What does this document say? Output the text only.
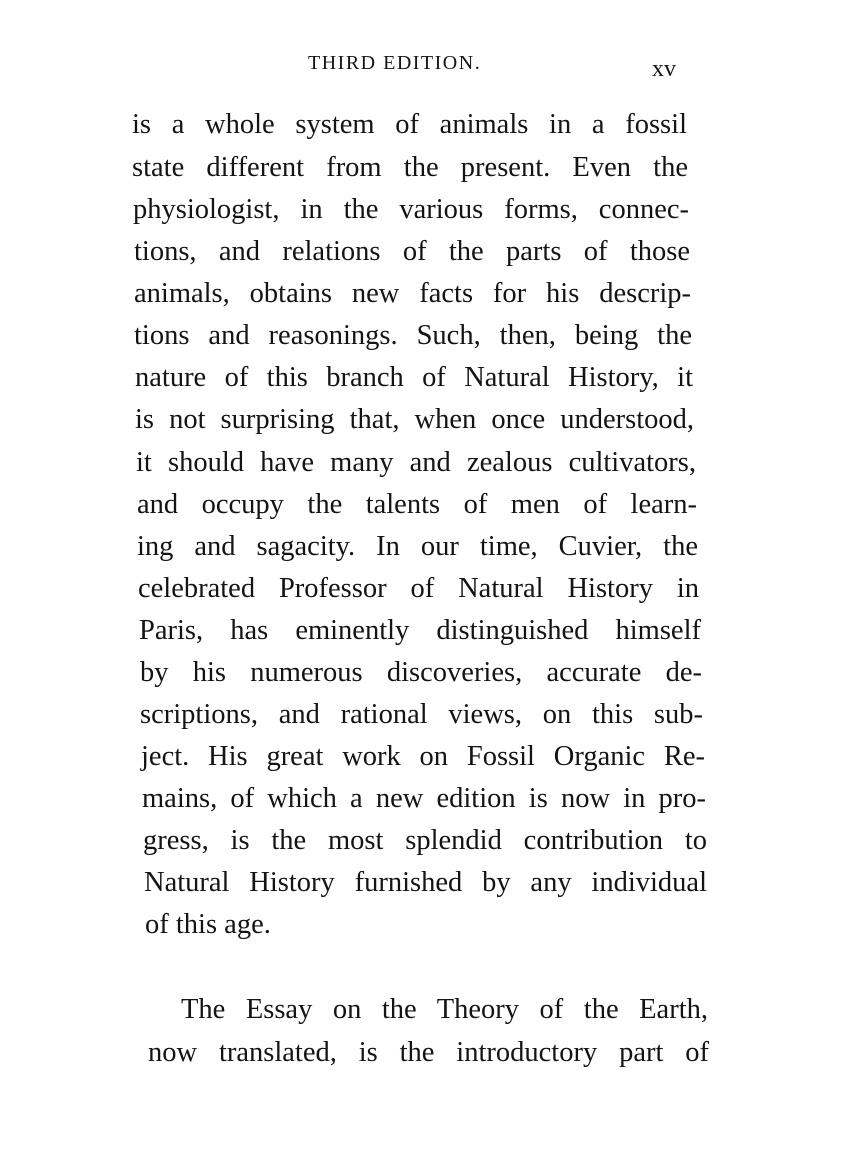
THIRD EDITION.	xv
is a whole system of animals in a fossil
state different from the present. Even the
physiologist, in the various forms, connec-
tions, and relations of the parts of those
animals, obtains new facts for his descrip-
tions and reasonings. Such, then, being the
nature of this branch of Natural History, it
is not surprising that, when once understood,
it should have many and zealous cultivators,
and occupy the talents of men of learn-
ing and sagacity. In our time, Cuvier, the
celebrated Professor of Natural History in
Paris, has eminently distinguished himself
by his numerous discoveries, accurate de-
scriptions, and rational views, on this sub-
ject. His great work on Fossil Organic Re-
mains, of which a new edition is now in pro-
gress, is the most splendid contribution to
Natural History furnished by any individual
of this age.
The Essay on the Theory of the Earth,
now translated, is the introductory part of
